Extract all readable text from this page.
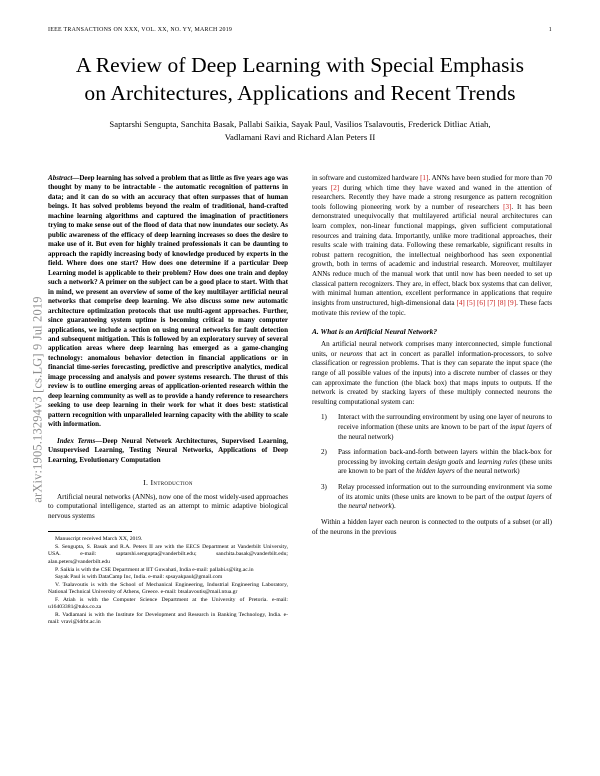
arXiv:1905.13294v3 [cs.LG] 9 Jul 2019
IEEE TRANSACTIONS ON XXX, VOL. XX, NO. YY, MARCH 2019	1
A Review of Deep Learning with Special Emphasis
on Architectures, Applications and Recent Trends
Saptarshi Sengupta, Sanchita Basak, Pallabi Saikia, Sayak Paul, Vasilios Tsalavoutis, Frederick Ditliac Atiah,
Vadlamani Ravi and Richard Alan Peters II

Abstract—Deep learning has solved a problem that as little as five years ago was thought by many to be intractable - the automatic recognition of patterns in data; and it can do so with an accuracy that often surpasses that of human beings. It has solved problems beyond the realm of traditional, hand-crafted machine learning algorithms and captured the imagination of practitioners trying to make sense out of the flood of data that now inundates our society. As public awareness of the efficacy of deep learning increases so does the desire to make use of it. But even for highly trained professionals it can be daunting to approach the rapidly increasing body of knowledge produced by experts in the field. Where does one start? How does one determine if a particular Deep Learning model is applicable to their problem? How does one train and deploy such a network? A primer on the subject can be a good place to start. With that in mind, we present an overview of some of the key multilayer artificial neural networks that comprise deep learning. We also discuss some new automatic architecture optimization protocols that use multi-agent approaches. Further, since guaranteeing system uptime is becoming critical to many computer applications, we include a section on using neural networks for fault detection and subsequent mitigation. This is followed by an exploratory survey of several application areas where deep learning has emerged as a game-changing technology: anomalous behavior detection in financial applications or in financial time-series forecasting, predictive and prescriptive analytics, medical image processing and analysis and power systems research. The thrust of this review is to outline emerging areas of application-oriented research within the deep learning community as well as to provide a handy reference to researchers seeking to use deep learning in their work for what it does best: statistical pattern recognition with unparalleled learning capacity with the ability to scale with information.

Index Terms—Deep Neural Network Architectures, Supervised Learning, Unsupervised Learning, Testing Neural Networks, Applications of Deep Learning, Evolutionary Computation

I. Introduction

Artificial neural networks (ANNs), now one of the most widely-used approaches to computational intelligence, started as an attempt to mimic adaptive biological nervous systems

Manuscript received March XX, 2019.

S. Sengupta, S. Basak and R.A. Peters II are with the EECS Department at Vanderbilt University, USA. e-mail: saptarshi.sengupta@vanderbilt.edu; sanchita.basak@vanderbilt.edu; alan.peters@vanderbilt.edu

P. Saikia is with the CSE Department at IIT Guwahati, India e-mail: pallabi.s@iitg.ac.in

Sayak Paul is with DataCamp Inc, India. e-mail: spsayakpaul@gmail.com

V. Tsalavoutis is with the School of Mechanical Engineering, Industrial Engineering Laboratory, National Technical University of Athens, Greece. e-mail: btsalavoutis@mail.ntua.gr

F. Atiah is with the Computer Science Department at the University of Pretoria. e-mail: u16403381@tuks.co.za

R. Vadlamani is with the Institute for Development and Research in Banking Technology, India. e-mail: vravi@idrbt.ac.in

in software and customized hardware [1]. ANNs have been studied for more than 70 years [2] during which time they have waxed and waned in the attention of researchers. Recently they have made a strong resurgence as pattern recognition tools following pioneering work by a number of researchers [3]. It has been demonstrated unequivocally that multilayered artificial neural architectures can learn complex, non-linear functional mappings, given sufficient computational resources and training data. Importantly, unlike more traditional approaches, their results scale with training data. Following these remarkable, significant results in robust pattern recognition, the intellectual neighborhood has seen exponential growth, both in terms of academic and industrial research. Moreover, multilayer ANNs reduce much of the manual work that until now has been needed to set up classical pattern recognizers. They are, in effect, black box systems that can deliver, with minimal human attention, excellent performance in applications that require insights from unstructured, high-dimensional data [4] [5] [6] [7] [8] [9]. These facts motivate this review of the topic.

A. What is an Artificial Neural Network?

An artificial neural network comprises many interconnected, simple functional units, or neurons that act in concert as parallel information-processors, to solve classification or regression problems. That is they can separate the input space (the range of all possible values of the inputs) into a discrete number of classes or they can approximate the function (the black box) that maps inputs to outputs. If the network is created by stacking layers of these multiply connected neurons the resulting computational system can:

Interact with the surrounding environment by using one layer of neurons to receive information (these units are known to be part of the input layers of the neural network)
Pass information back-and-forth between layers within the black-box for processing by invoking certain design goals and learning rules (these units are known to be part of the hidden layers of the neural network)
Relay processed information out to the surrounding environment via some of its atomic units (these units are known to be part of the output layers of the neural network).

Within a hidden layer each neuron is connected to the outputs of a subset (or all) of the neurons in the previous
